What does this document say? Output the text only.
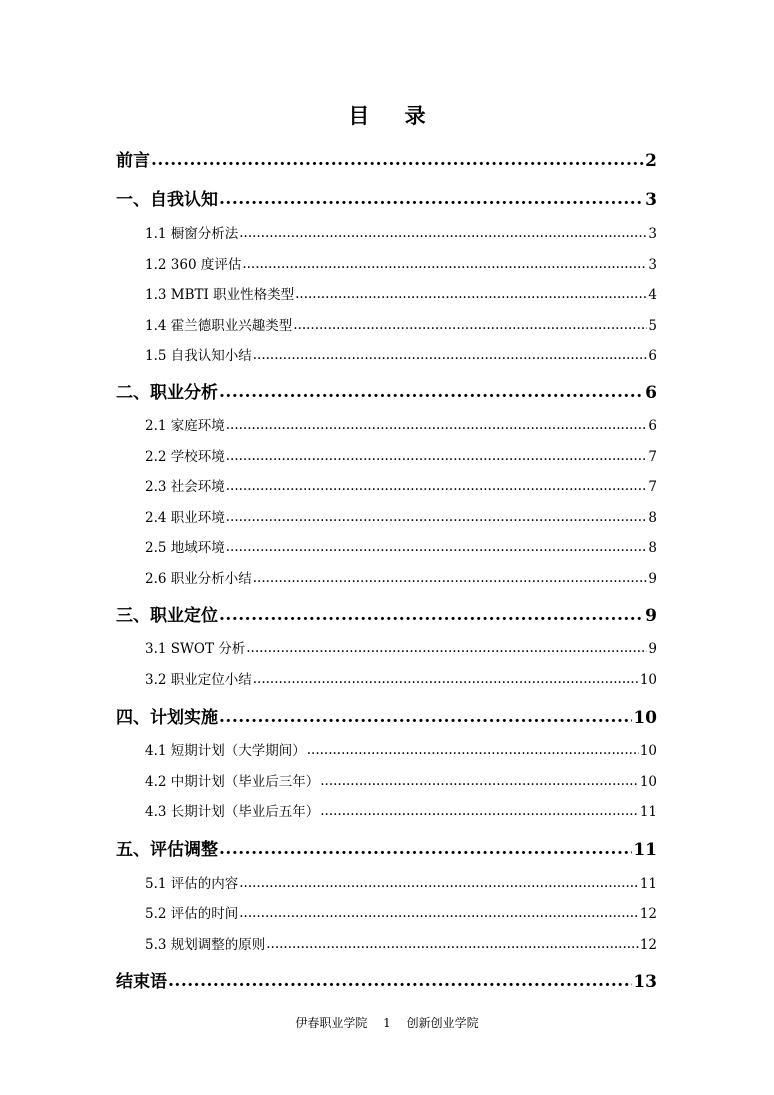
目 录
前言 .....	2
一、自我认知 .....	3
1.1 橱窗分析法 .....	3
1.2 360 度评估 .....	3
1.3 MBTI 职业性格类型 .....	4
1.4 霍兰德职业兴趣类型 .....	5
1.5 自我认知小结 .....	6
二、职业分析 .....	6
2.1 家庭环境 .....	6
2.2 学校环境 .....	7
2.3 社会环境 .....	7
2.4 职业环境 .....	8
2.5 地域环境 .....	8
2.6 职业分析小结 .....	9
三、职业定位 .....	9
3.1 SWOT 分析 .....	9
3.2 职业定位小结 .....	10
四、计划实施 .....	10
4.1 短期计划（大学期间） .....	10
4.2 中期计划（毕业后三年） .....	10
4.3 长期计划（毕业后五年） .....	11
五、评估调整 .....	11
5.1 评估的内容 .....	11
5.2 评估的时间 .....	12
5.3 规划调整的原则 .....	12
结束语 .....	13
伊春职业学院 1 创新创业学院
